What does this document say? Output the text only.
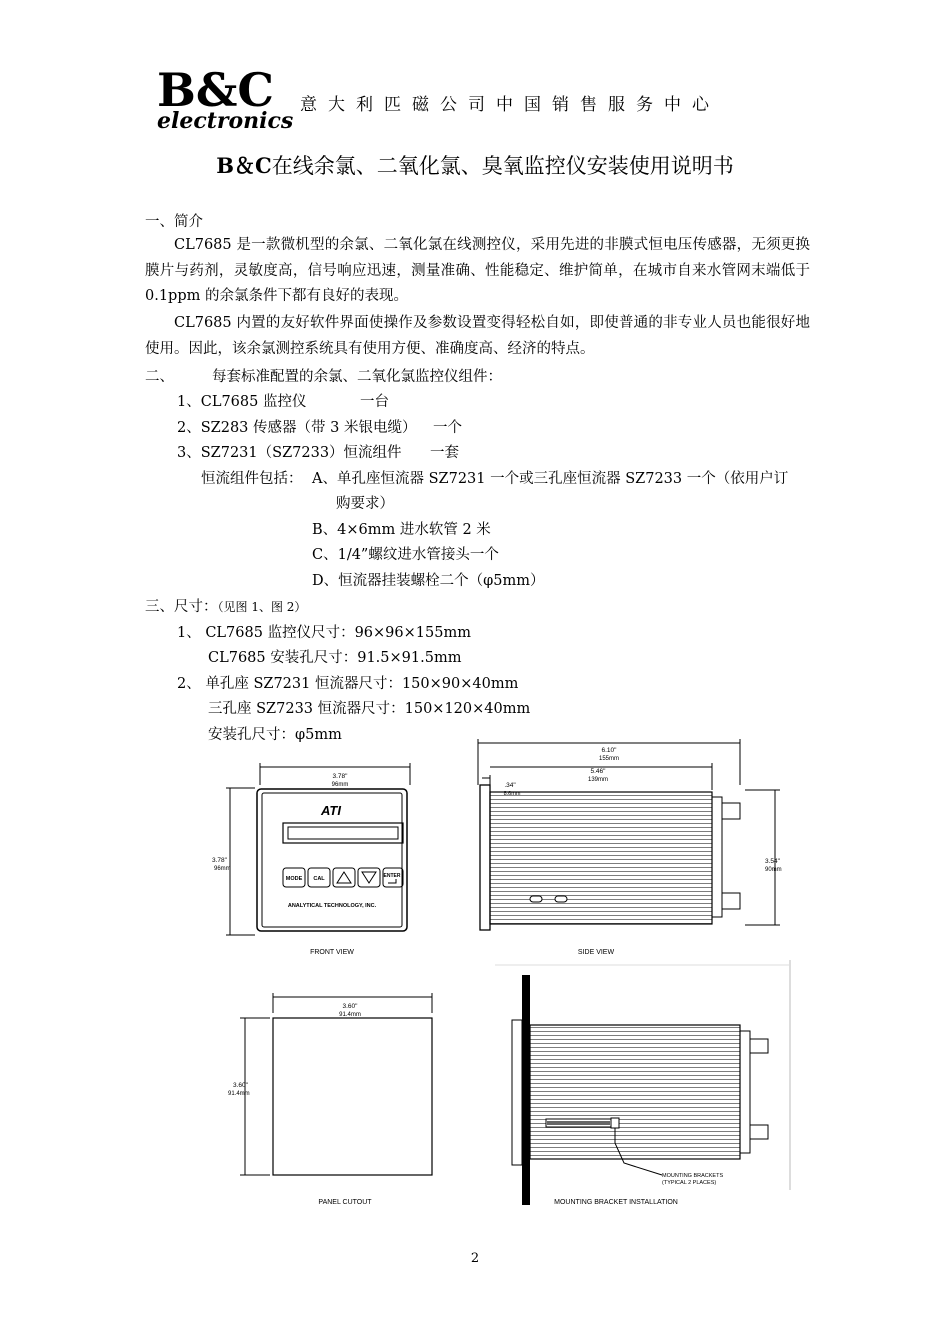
B&C
electronics
意大利匹磁公司中国销售服务中心
B＆C在线余氯、二氧化氯、臭氧监控仪安装使用说明书
一、简介
CL7685 是一款微机型的余氯、二氧化氯在线测控仪，采用先进的非膜式恒电压传感器，无须更换膜片与药剂，灵敏度高，信号响应迅速，测量准确、性能稳定、维护简单，在城市自来水管网末端低于 0.1ppm 的余氯条件下都有良好的表现。
CL7685 内置的友好软件界面使操作及参数设置变得轻松自如，即使普通的非专业人员也能很好地使用。因此，该余氯测控系统具有使用方便、准确度高、经济的特点。
二、	每套标准配置的余氯、二氧化氯监控仪组件：
1、CL7685 监控仪	一台
2、SZ283 传感器（带 3 米银电缆） 一个
3、SZ7231（SZ7233）恒流组件 一套
恒流组件包括： A、单孔座恒流器 SZ7231 一个或三孔座恒流器 SZ7233 一个（依用户订
购要求）
B、4×6mm 进水软管 2 米
C、1/4”螺纹进水管接头一个
D、恒流器挂装螺栓二个（φ5mm）
三、尺寸：（见图 1、图 2）
1、 CL7685 监控仪尺寸：96×96×155mm
CL7685 安装孔尺寸：91.5×91.5mm
2、 单孔座 SZ7231 恒流器尺寸：150×90×40mm
三孔座 SZ7233 恒流器尺寸：150×120×40mm
安装孔尺寸：φ5mm
3.78"
96mm
3.78"
96mm
ATI
MODE CAL
▲	▼
ENTER
ANALYTICAL TECHNOLOGY, INC.
FRONT VIEW
6.10"
155mm
5.46"
139mm
.34"
3.54"
90mm
SIDE VIEW
3.60"
91.4mm
3.60"
91.4mm
PANEL CUTOUT
MOUNTING BRACKETS
(TYPICAL 2 PLACES)
MOUNTING BRACKET INSTALLATION
2
